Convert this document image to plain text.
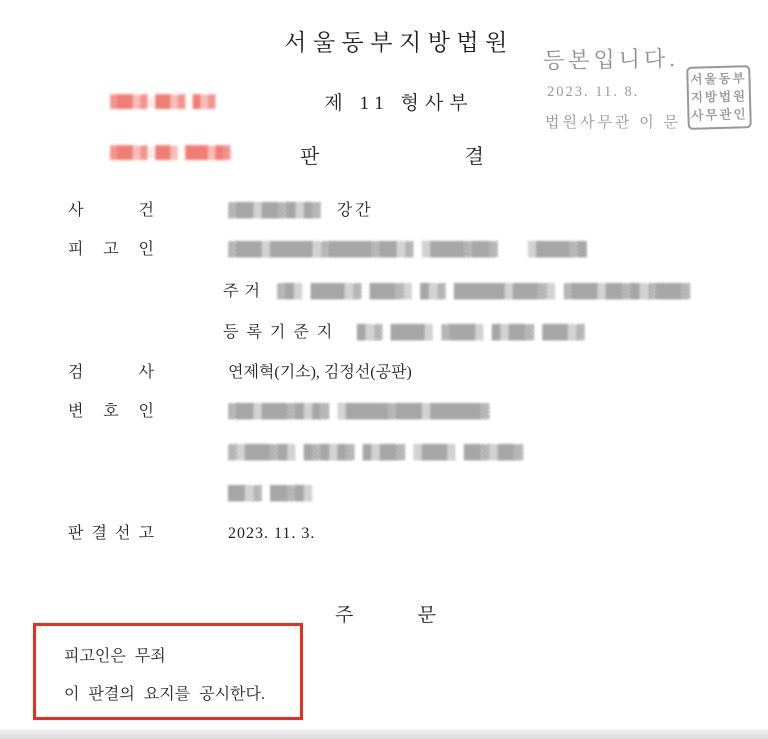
서울동부지방법원

▓██▒▓:██▒▓ █▒▓

▓██▒▓:██▒ ███▒█▓

제 11 형사부
판 결
등본입니다.
2023. 11. 8.
법원사무관 이 문
서울동부지방법원사무관인
사 건	▓██▒██▓█▒█▓ 강간
피 고 인	▓███▒█████▒▓█████▓██▒▓ ▒████▓██▓ ▒████▓█
주거 ▓█▒ ████▒▓ ███▓▒ █▒▓ ██████▒███▓▒ ▓███▒██▓█▒▓███▓
등록기준지 █▒▓ ████▒ ▓███▒ █▒██▓ ███▒▓
검 사	연제혁(기소), 김정선(공판)
변 호 인	▓██▒███▓█▒█▓ ▒█████▓███▒██████▓
▓▒███▓█▒ █▓█▒█▓ █▒██▓ ▒███▒ ██▓▒██▓
██▒▓ ██▓█▒
판 결 선 고	2023. 11. 3.
주 문
피고인은 무죄
이 판결의 요지를 공시한다.
